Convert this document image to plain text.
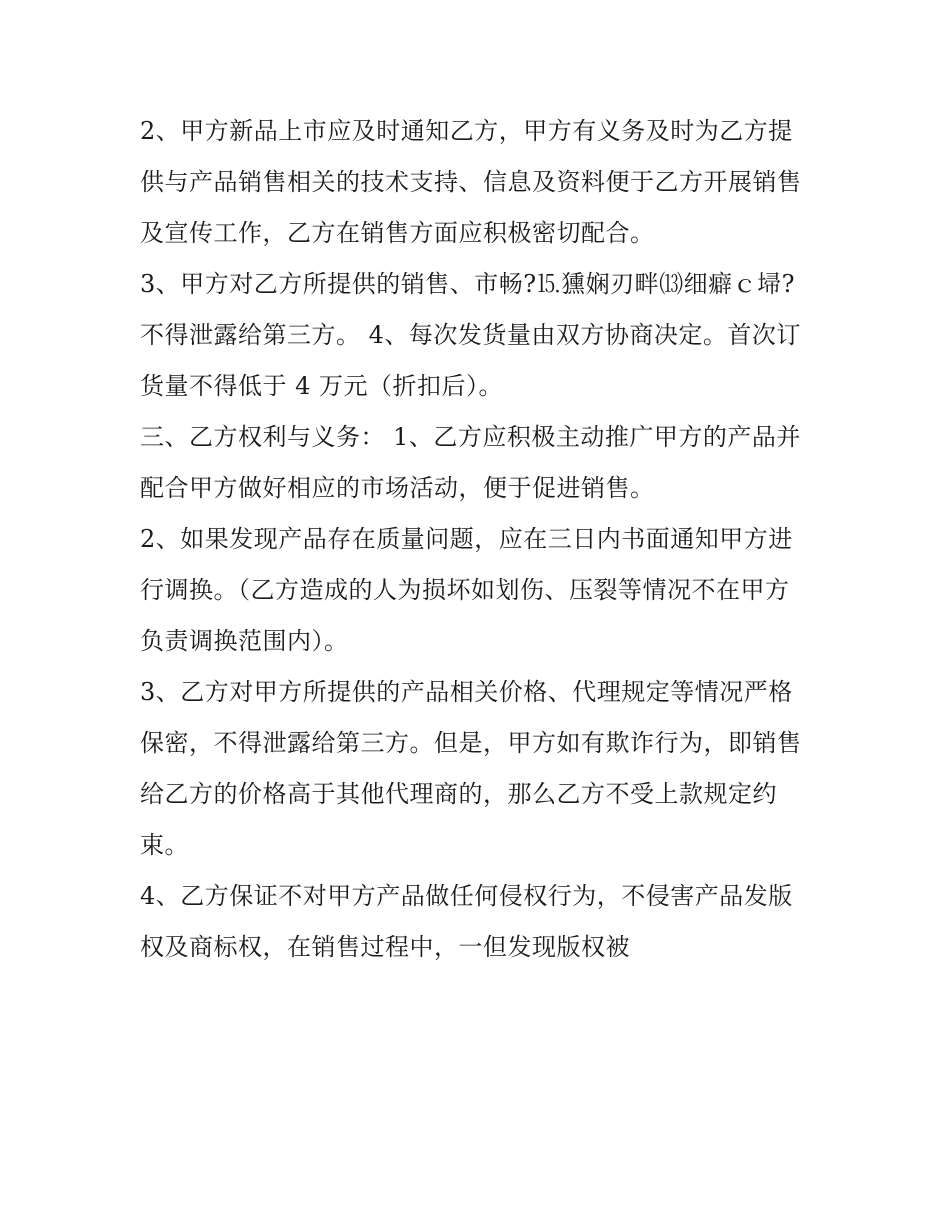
2、甲方新品上市应及时通知乙方，甲方有义务及时为乙方提
供与产品销售相关的技术支持、信息及资料便于乙方开展销售
及宣传工作，乙方在销售方面应积极密切配合。
3、甲方对乙方所提供的销售、市畅?⒖獯娴刃畔⒀细癖ｃ埽?
不得泄露给第三方。 4、每次发货量由双方协商决定。首次订
货量不得低于 4 万元（折扣后）。
三、乙方权利与义务： 1、乙方应积极主动推广甲方的产品并
配合甲方做好相应的市场活动，便于促进销售。
2、如果发现产品存在质量问题，应在三日内书面通知甲方进
行调换。（乙方造成的人为损坏如划伤、压裂等情况不在甲方
负责调换范围内）。
3、乙方对甲方所提供的产品相关价格、代理规定等情况严格
保密，不得泄露给第三方。但是，甲方如有欺诈行为，即销售
给乙方的价格高于其他代理商的，那么乙方不受上款规定约
束。
4、乙方保证不对甲方产品做任何侵权行为，不侵害产品发版
权及商标权，在销售过程中，一但发现版权被
